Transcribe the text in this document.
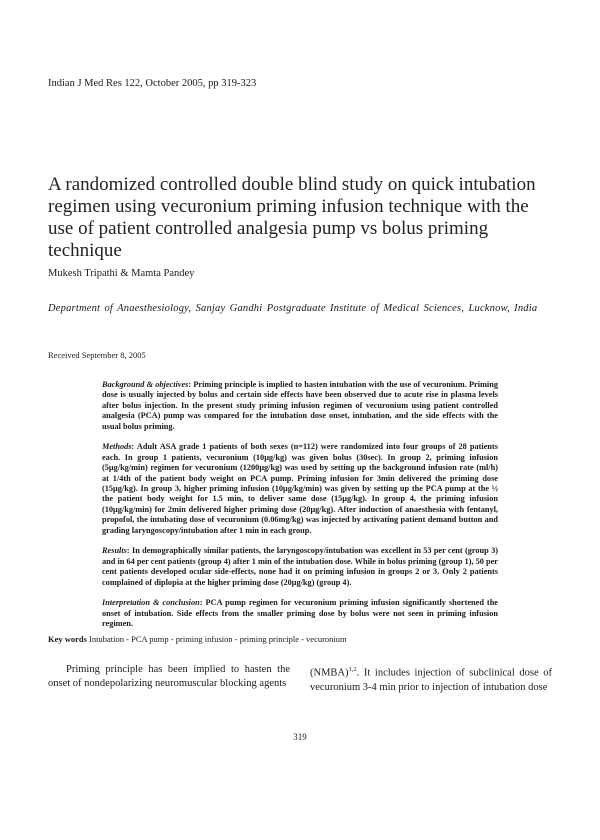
Indian J Med Res 122, October 2005, pp 319-323
A randomized controlled double blind study on quick intubation regimen using vecuronium priming infusion technique with the use of patient controlled analgesia pump vs bolus priming technique
Mukesh Tripathi & Mamta Pandey
Department of Anaesthesiology, Sanjay Gandhi Postgraduate Institute of Medical Sciences, Lucknow, India
Received September 8, 2005

Background & objectives: Priming principle is implied to hasten intubation with the use of vecuronium. Priming dose is usually injected by bolus and certain side effects have been observed due to acute rise in plasma levels after bolus injection. In the present study priming infusion regimen of vecuronium using patient controlled analgesia (PCA) pump was compared for the intubation dose onset, intubation, and the side effects with the usual bolus priming.

Methods: Adult ASA grade 1 patients of both sexes (n=112) were randomized into four groups of 28 patients each. In group 1 patients, vecuronium (10μg/kg) was given bolus (30sec). In group 2, priming infusion (5μg/kg/min) regimen for vecuronium (1200μg/kg) was used by setting up the background infusion rate (ml/h) at 1/4th of the patient body weight on PCA pump. Priming infusion for 3min delivered the priming dose (15μg/kg). In group 3, higher priming infusion (10μg/kg/min) was given by setting up the PCA pump at the ½ the patient body weight for 1.5 min, to deliver same dose (15μg/kg). In group 4, the priming infusion (10μg/kg/min) for 2min delivered higher priming dose (20μg/kg). After induction of anaesthesia with fentanyl, propofol, the intubating dose of vecuronium (0.06mg/kg) was injected by activating patient demand button and grading laryngoscopy/intubation after 1 min in each group.

Results: In demographically similar patients, the laryngoscopy/intubation was excellent in 53 per cent (group 3) and in 64 per cent patients (group 4) after 1 min of the intubation dose. While in bolus priming (group 1), 50 per cent patients developed ocular side-effects, none had it on priming infusion in groups 2 or 3. Only 2 patients complained of diplopia at the higher priming dose (20μg/kg) (group 4).

Interpretation & conclusion: PCA pump regimen for vecuronium priming infusion significantly shortened the onset of intubation. Side effects from the smaller priming dose by bolus were not seen in priming infusion regimen.

Key words Intubation - PCA pump - priming infusion - priming principle - vecuronium
Priming principle has been implied to hasten the onset of nondepolarizing neuromuscular blocking agents
(NMBA)$^{1,2}$. It includes injection of subclinical dose of vecuronium 3-4 min prior to injection of intubation dose
319
